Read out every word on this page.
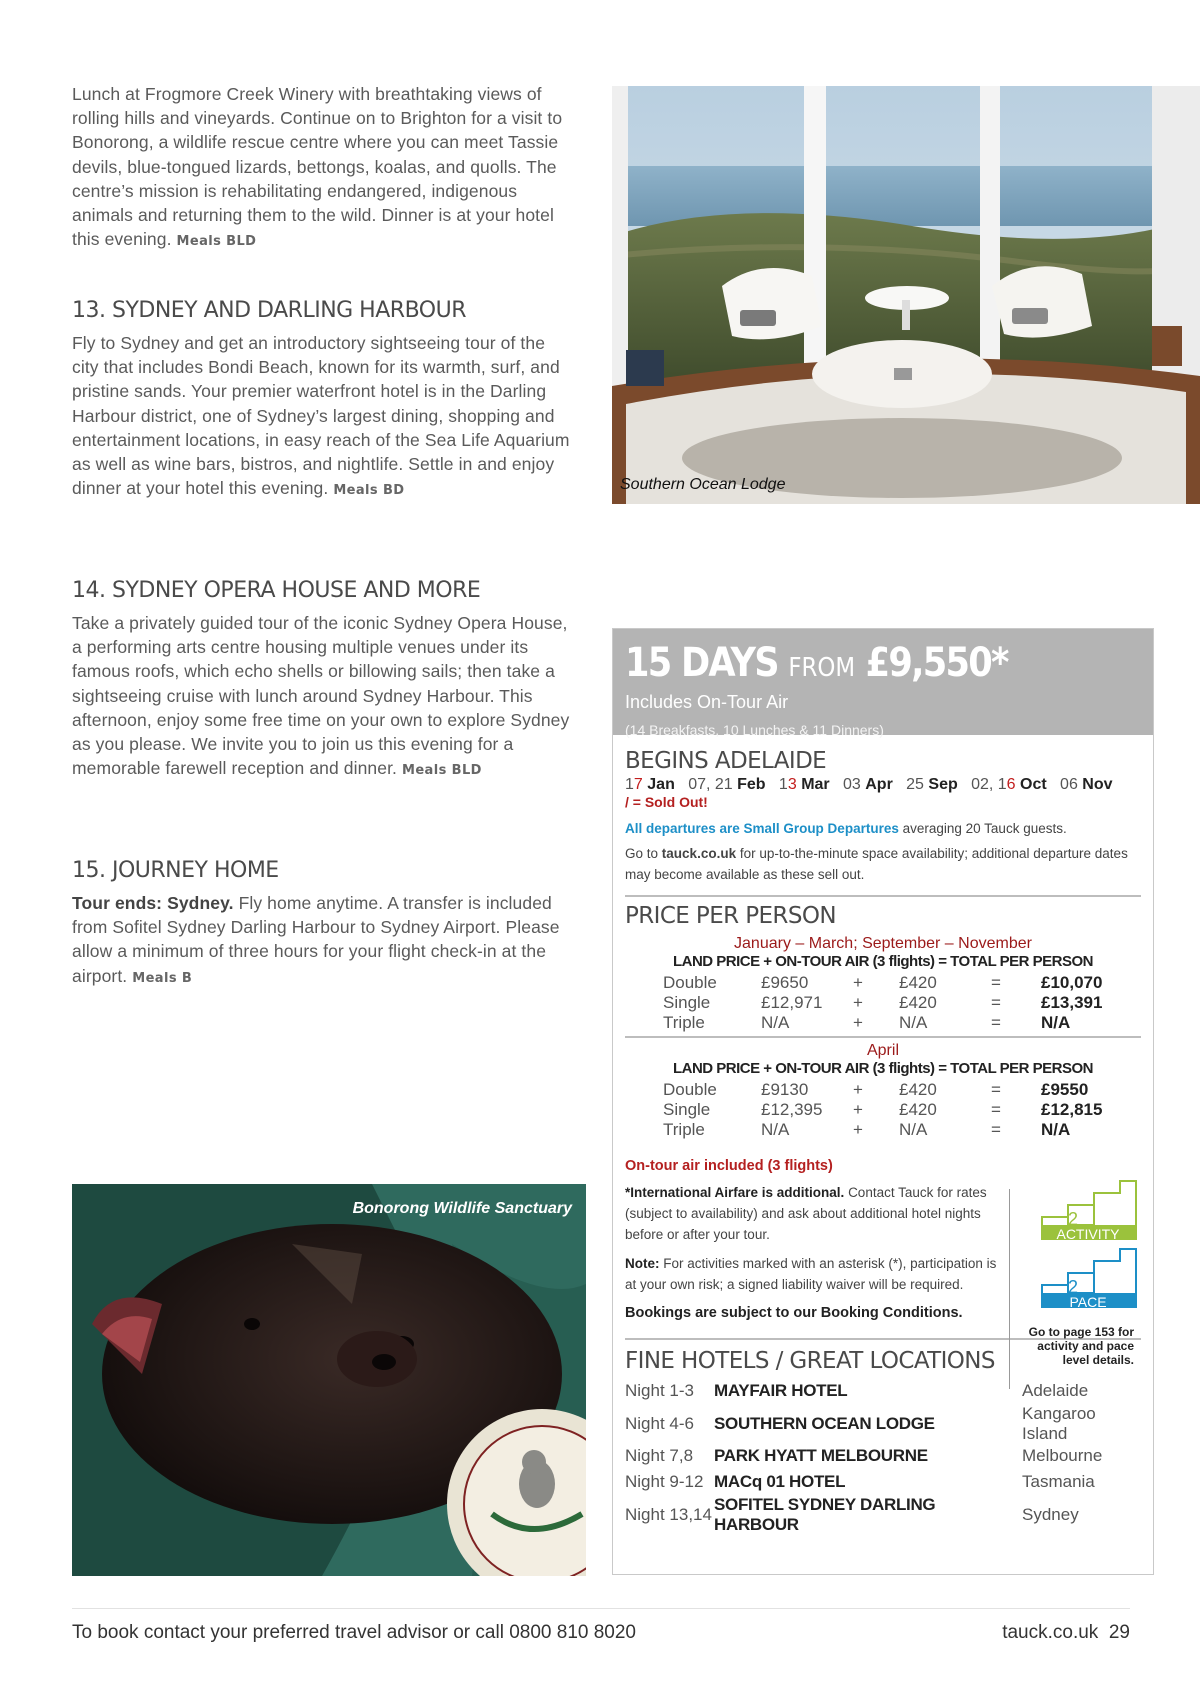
Lunch at Frogmore Creek Winery with breathtaking views of rolling hills and vineyards. Continue on to Brighton for a visit to Bonorong, a wildlife rescue centre where you can meet Tassie devils, blue-tongued lizards, bettongs, koalas, and quolls. The centre’s mission is rehabilitating endangered, indigenous animals and returning them to the wild. Dinner is at your hotel this evening. Meals BLD

13. SYDNEY AND DARLING HARBOUR

Fly to Sydney and get an introductory sightseeing tour of the city that includes Bondi Beach, known for its warmth, surf, and pristine sands. Your premier waterfront hotel is in the Darling Harbour district, one of Sydney’s largest dining, shopping and entertainment locations, in easy reach of the Sea Life Aquarium as well as wine bars, bistros, and nightlife. Settle in and enjoy dinner at your hotel this evening. Meals BD

14. SYDNEY OPERA HOUSE AND MORE

Take a privately guided tour of the iconic Sydney Opera House, a performing arts centre housing multiple venues under its famous roofs, which echo shells or billowing sails; then take a sightseeing cruise with lunch around Sydney Harbour. This afternoon, enjoy some free time on your own to explore Sydney as you please. We invite you to join us this evening for a memorable farewell reception and dinner. Meals BLD

15. JOURNEY HOME

Tour ends: Sydney. Fly home anytime. A transfer is included from Sofitel Sydney Darling Harbour to Sydney Airport. Please allow a minimum of three hours for your flight check-in at the airport. Meals B

Southern Ocean Lodge
Bonorong Wildlife Sanctuary
15 DAYS FROM £9,550*
Includes On-Tour Air
(14 Breakfasts, 10 Lunches & 11 Dinners)
BEGINS ADELAIDE
17 Jan 07, 21 Feb 13 Mar 03 Apr 25 Sep 02, 16 Oct 06 Nov
/ = Sold Out!
All departures are Small Group Departures averaging 20 Tauck guests.
Go to tauck.co.uk for up-to-the-minute space availability; additional departure dates may become available as these sell out.
PRICE PER PERSON
January – March; September – November
LAND PRICE + ON-TOUR AIR (3 flights) = TOTAL PER PERSON
Double	£9650	+	£420	=	£10,070
Single	£12,971	+	£420	=	£13,391
Triple	N/A	+	N/A	=	N/A
April
LAND PRICE + ON-TOUR AIR (3 flights) = TOTAL PER PERSON
Double	£9130	+	£420	=	£9550
Single	£12,395	+	£420	=	£12,815
Triple	N/A	+	N/A	=	N/A
On-tour air included (3 flights)
*International Airfare is additional. Contact Tauck for rates (subject to availability) and ask about additional hotel nights before or after your tour.
Note: For activities marked with an asterisk (*), participation is at your own risk; a signed liability waiver will be required.
Bookings are subject to our Booking Conditions.
2
ACTIVITY
2
PACE
Go to page 153 for activity and pace level details.
FINE HOTELS / GREAT LOCATIONS
Night 1-3	MAYFAIR HOTEL	Adelaide
Night 4-6	SOUTHERN OCEAN LODGE	Kangaroo Island
Night 7,8	PARK HYATT MELBOURNE	Melbourne
Night 9-12	MACq 01 HOTEL	Tasmania
Night 13,14	SOFITEL SYDNEY DARLING HARBOUR	Sydney
To book contact your preferred travel advisor or call 0800 810 8020	tauck.co.uk 29
